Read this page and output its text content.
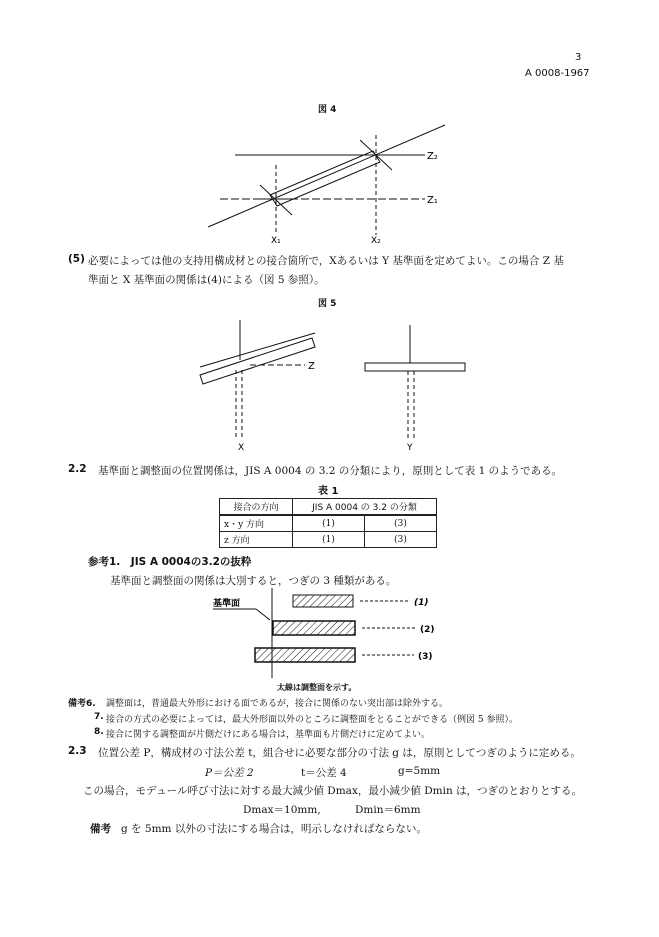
3
A 0008-1967
図 4
Z₂
Z₁
X₁	X₂
(5) 必要によっては他の支持用構成材との接合箇所で，Xあるいは Y 基準面を定めてよい。この場合 Z 基
準面と X 基準面の関係は(4)による（図 5 参照）。
図 5
Z
X	Y
2.2 基準面と調整面の位置関係は，JIS A 0004 の 3.2 の分類により，原則として表 1 のようである。
表 1
接合の方向	JIS A 0004 の 3.2 の分類	
x・y 方向	(1)	(3)
z 方向	(1)	(3)
参考1.　JIS A 0004の3.2の抜粋
基準面と調整面の関係は大別すると，つぎの 3 種類がある。
基準面	(1)
(2)
(3)
太線は調整面を示す。
備考6. 調整面は，普通最大外形における面であるが，接合に関係のない突出部は除外する。
7. 接合の方式の必要によっては，最大外形面以外のところに調整面をとることができる（例図 5 参照）。
8. 接合に関する調整面が片側だけにある場合は，基準面も片側だけに定めてよい。
2.3 位置公差 P，構成材の寸法公差 t，組合せに必要な部分の寸法 g は，原則としてつぎのように定める。
P＝公差 2	t＝公差 4	g=5mm
この場合，モデュール呼び寸法に対する最大減少値 Dmax，最小減少値 Dmin は，つぎのとおりとする。
Dmax＝10mm,	Dmin＝6mm
備考 g を 5mm 以外の寸法にする場合は，明示しなければならない。
